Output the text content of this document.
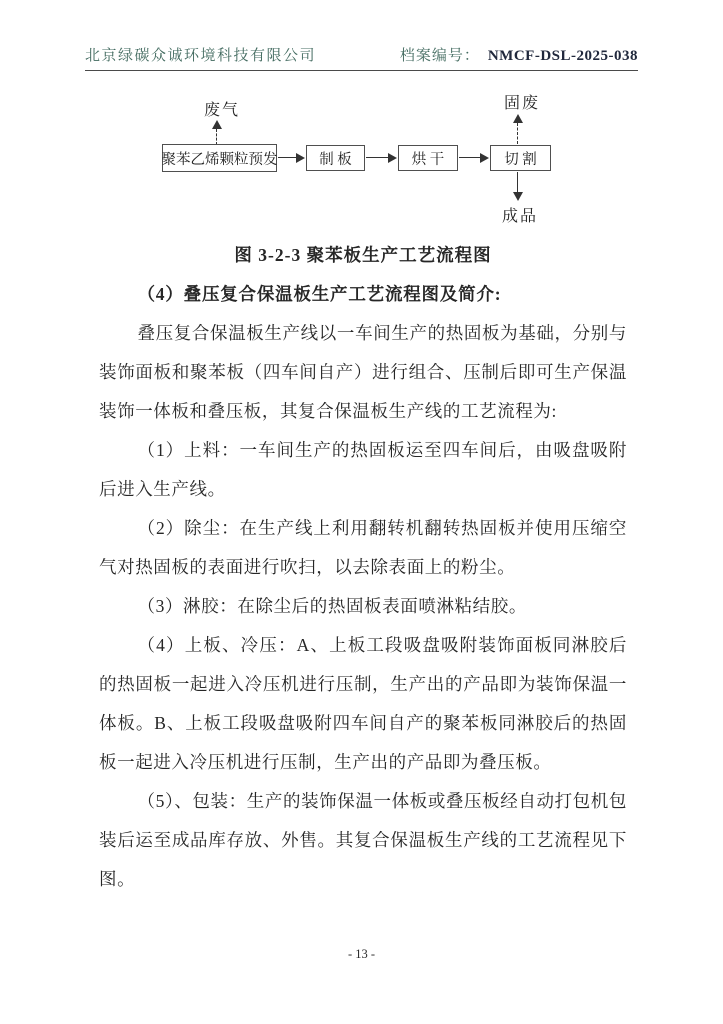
北京绿碳众诚环境科技有限公司	档案编号： NMCF-DSL-2025-038
废气
聚苯乙烯颗粒预发	制 板	烘 干	切 割
固废
成品
图 3-2-3 聚苯板生产工艺流程图
（4）叠压复合保温板生产工艺流程图及简介:

叠压复合保温板生产线以一车间生产的热固板为基础，分别与装饰面板和聚苯板（四车间自产）进行组合、压制后即可生产保温装饰一体板和叠压板，其复合保温板生产线的工艺流程为:

（1）上料：一车间生产的热固板运至四车间后，由吸盘吸附后进入生产线。

（2）除尘：在生产线上利用翻转机翻转热固板并使用压缩空气对热固板的表面进行吹扫，以去除表面上的粉尘。

（3）淋胶：在除尘后的热固板表面喷淋粘结胶。

（4）上板、冷压：A、上板工段吸盘吸附装饰面板同淋胶后的热固板一起进入冷压机进行压制，生产出的产品即为装饰保温一体板。B、上板工段吸盘吸附四车间自产的聚苯板同淋胶后的热固板一起进入冷压机进行压制，生产出的产品即为叠压板。

（5）、包装：生产的装饰保温一体板或叠压板经自动打包机包装后运至成品库存放、外售。其复合保温板生产线的工艺流程见下图。

- 13 -
